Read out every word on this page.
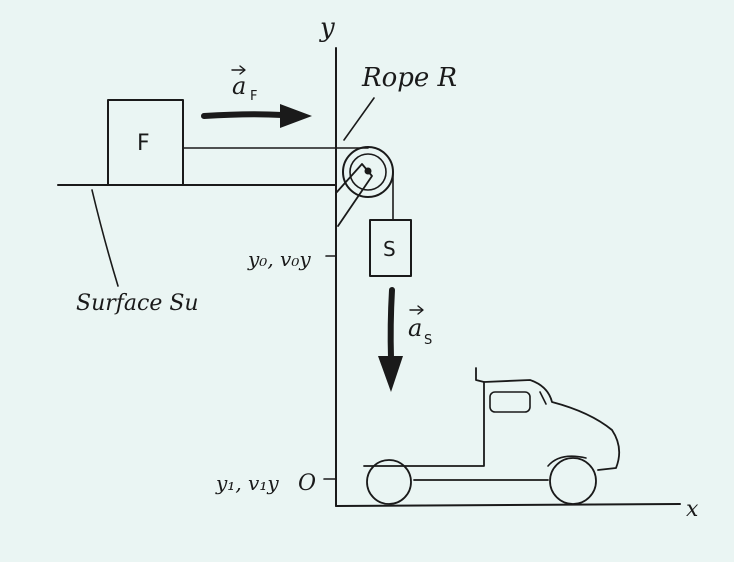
y
x
Surface Su
F
a F
Rope R
S
a S
y₀, v₀y
y₁, v₁y O
